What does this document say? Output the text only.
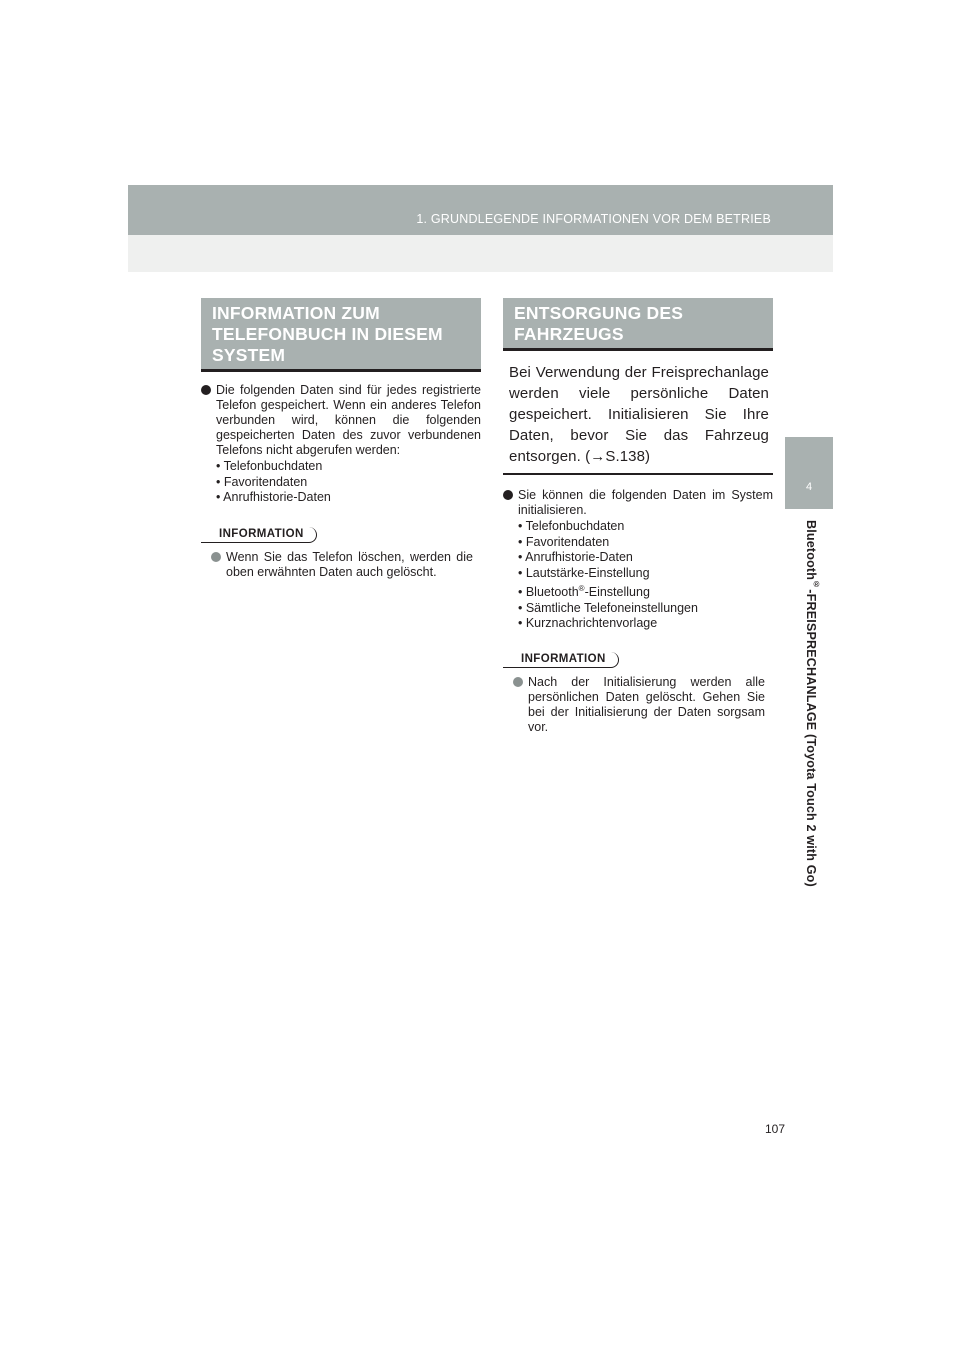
1. GRUNDLEGENDE INFORMATIONEN VOR DEM BETRIEB
4
Bluetooth®-FREISPRECHANLAGE (Toyota Touch 2 with Go)
INFORMATION ZUM TELEFONBUCH IN DIESEM SYSTEM

Die folgenden Daten sind für jedes registrierte Telefon gespeichert. Wenn ein anderes Telefon verbunden wird, können die folgenden gespeicherten Daten des zuvor verbundenen Telefons nicht abgerufen werden:

• Telefonbuchdaten
• Favoritendaten
• Anrufhistorie-Daten
INFORMATION

Wenn Sie das Telefon löschen, werden die oben erwähnten Daten auch gelöscht.

ENTSORGUNG DES FAHRZEUGS
Bei Verwendung der Freisprechanlage werden viele persönliche Daten gespeichert. Initialisieren Sie Ihre Daten, bevor Sie das Fahrzeug entsorgen. (→S.138)

Sie können die folgenden Daten im System initialisieren.

• Telefonbuchdaten
• Favoritendaten
• Anrufhistorie-Daten
• Lautstärke-Einstellung
• Bluetooth®-Einstellung
• Sämtliche Telefoneinstellungen
• Kurznachrichtenvorlage
INFORMATION

Nach der Initialisierung werden alle persönlichen Daten gelöscht. Gehen Sie bei der Initialisierung der Daten sorgsam vor.

107
